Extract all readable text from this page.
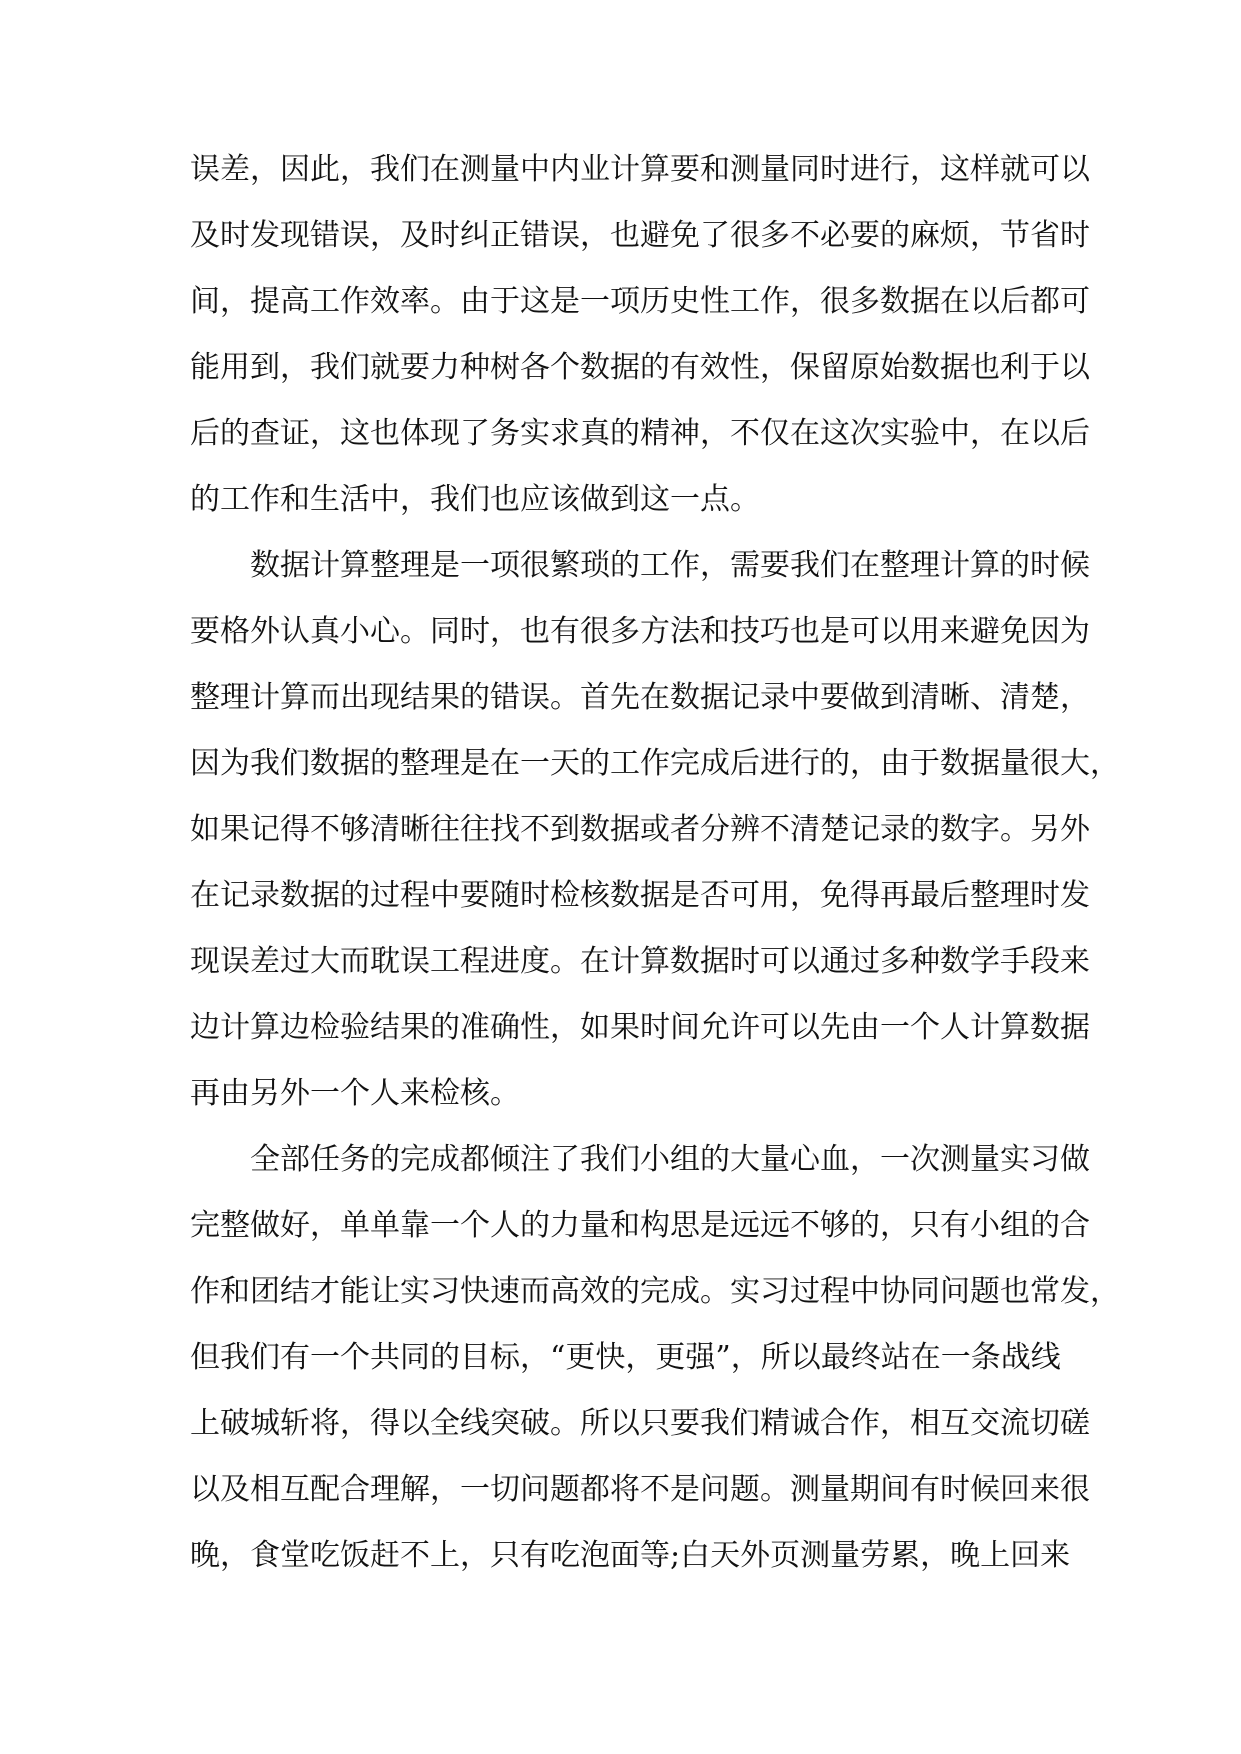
误 差 ， 因 此 ， 我 们 在 测 量 中 内 业 计 算 要 和 测 量 同 时 进 行 ， 这 样 就 可 以
及 时 发 现 错 误 ， 及 时 纠 正 错 误 ， 也 避 免 了 很 多 不 必 要 的 麻 烦 ， 节 省 时
间 ， 提 高 工 作 效 率 。 由 于 这 是 一 项 历 史 性 工 作 ， 很 多 数 据 在 以 后 都 可
能 用 到 ， 我 们 就 要 力 种 树 各 个 数 据 的 有 效 性 ， 保 留 原 始 数 据 也 利 于 以
后 的 查 证 ， 这 也 体 现 了 务 实 求 真 的 精 神 ， 不 仅 在 这 次 实 验 中 ， 在 以 后
的 工 作 和 生 活 中 ， 我 们 也 应 该 做 到 这 一 点 。
数 据 计 算 整 理 是 一 项 很 繁 琐 的 工 作 ， 需 要 我 们 在 整 理 计 算 的 时 候
要 格 外 认 真 小 心 。 同 时 ， 也 有 很 多 方 法 和 技 巧 也 是 可 以 用 来 避 免 因 为
整 理 计 算 而 出 现 结 果 的 错 误 。 首 先 在 数 据 记 录 中 要 做 到 清 晰 、 清 楚 ，
因 为 我 们 数 据 的 整 理 是 在 一 天 的 工 作 完 成 后 进 行 的 ， 由 于 数 据 量 很 大 ，
如 果 记 得 不 够 清 晰 往 往 找 不 到 数 据 或 者 分 辨 不 清 楚 记 录 的 数 字 。 另 外
在 记 录 数 据 的 过 程 中 要 随 时 检 核 数 据 是 否 可 用 ， 免 得 再 最 后 整 理 时 发
现 误 差 过 大 而 耽 误 工 程 进 度 。 在 计 算 数 据 时 可 以 通 过 多 种 数 学 手 段 来
边 计 算 边 检 验 结 果 的 准 确 性 ， 如 果 时 间 允 许 可 以 先 由 一 个 人 计 算 数 据
再 由 另 外 一 个 人 来 检 核 。
全 部 任 务 的 完 成 都 倾 注 了 我 们 小 组 的 大 量 心 血 ， 一 次 测 量 实 习 做
完 整 做 好 ， 单 单 靠 一 个 人 的 力 量 和 构 思 是 远 远 不 够 的 ， 只 有 小 组 的 合
作 和 团 结 才 能 让 实 习 快 速 而 高 效 的 完 成 。 实 习 过 程 中 协 同 问 题 也 常 发 ，
但 我 们 有 一 个 共 同 的 目 标 ， “ 更 快 ， 更 强 ” ， 所 以 最 终 站 在 一 条 战 线
上 破 城 斩 将 ， 得 以 全 线 突 破 。 所 以 只 要 我 们 精 诚 合 作 ， 相 互 交 流 切 磋
以 及 相 互 配 合 理 解 ， 一 切 问 题 都 将 不 是 问 题 。 测 量 期 间 有 时 候 回 来 很
晚 ， 食 堂 吃 饭 赶 不 上 ， 只 有 吃 泡 面 等 ; 白 天 外 页 测 量 劳 累 ， 晚 上 回 来
